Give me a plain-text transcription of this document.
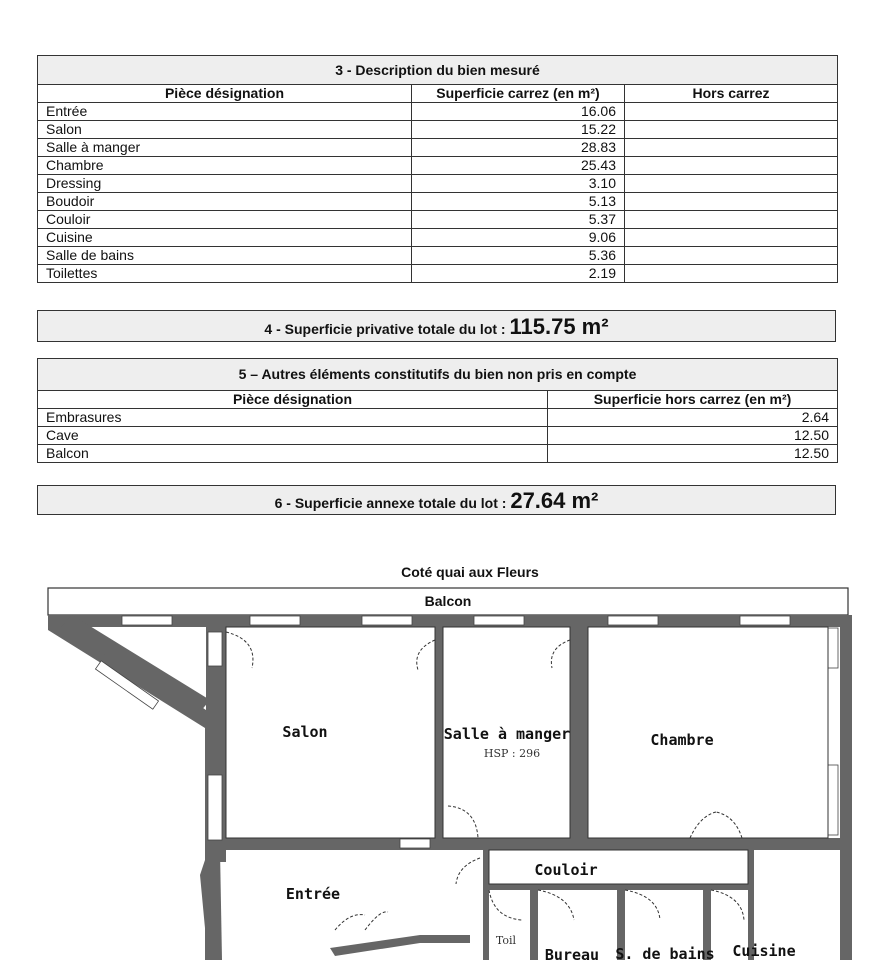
3 - Description du bien mesuré		
Pièce désignation	Superficie carrez (en m²)	Hors carrez
Entrée	16.06	
Salon	15.22	
Salle à manger	28.83	
Chambre	25.43	
Dressing	3.10	
Boudoir	5.13	
Couloir	5.37	
Cuisine	9.06	
Salle de bains	5.36	
Toilettes	2.19	
4 - Superficie privative totale du lot : 115.75 m²
5 – Autres éléments constitutifs du bien non pris en compte	
Pièce désignation	Superficie hors carrez (en m²)
Embrasures	2.64
Cave	12.50
Balcon	12.50
6 - Superficie annexe totale du lot : 27.64 m²
Coté quai aux Fleurs
Salon	Salle à manger
HSP : 296
Chambre
Couloir
Entrée
Toil
Bureau S. de bains Cuisine
Balcon
